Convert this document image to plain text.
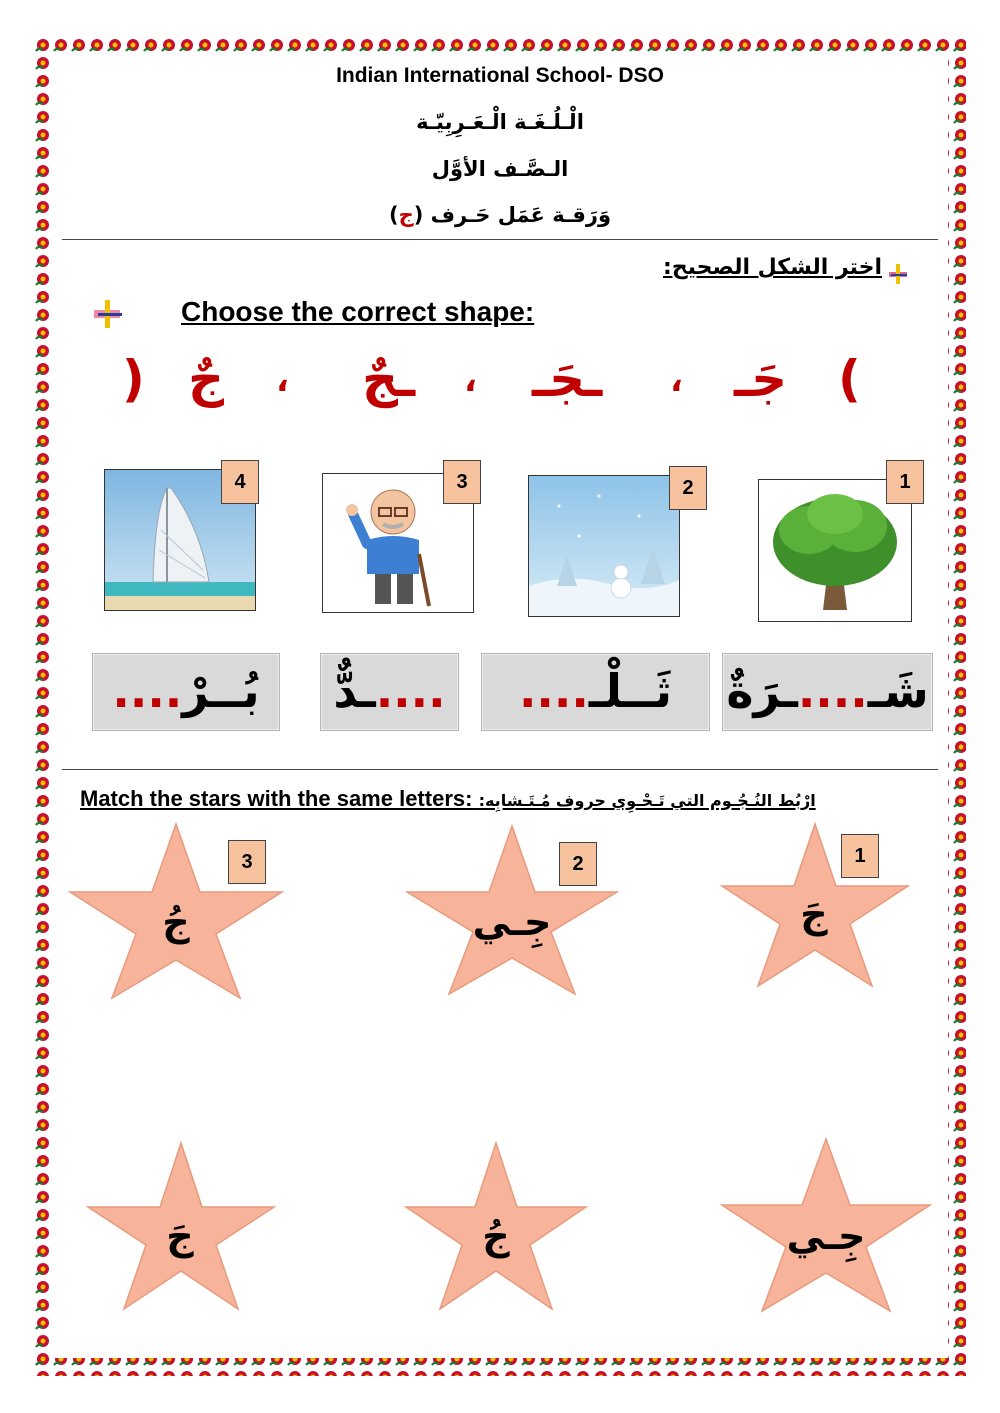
Indian International School- DSO
الْـلُـغَـة الْـعَـرِبِيّـة
الـصَّـف الأوَّل
وَرَقـة عَمَل حَـرف (ج)
اختر الشكل الصحيح:
Choose the correct shape:
(
جَـ
،
ـجَـ
،
ـجٌ
،
جٌ
)
4	3	2	1
بُــرْ....	....ـدٌّ	ثَــلْـ....	شَـ....ـرَةٌ
Match the stars with the same letters: ارْبُط النُـجُـوم التي تَـحْـوِي حروف مُـتَـشابِه:
جُ
3
جِـي
2
جَ
1
جَ	جُ	جِـي
